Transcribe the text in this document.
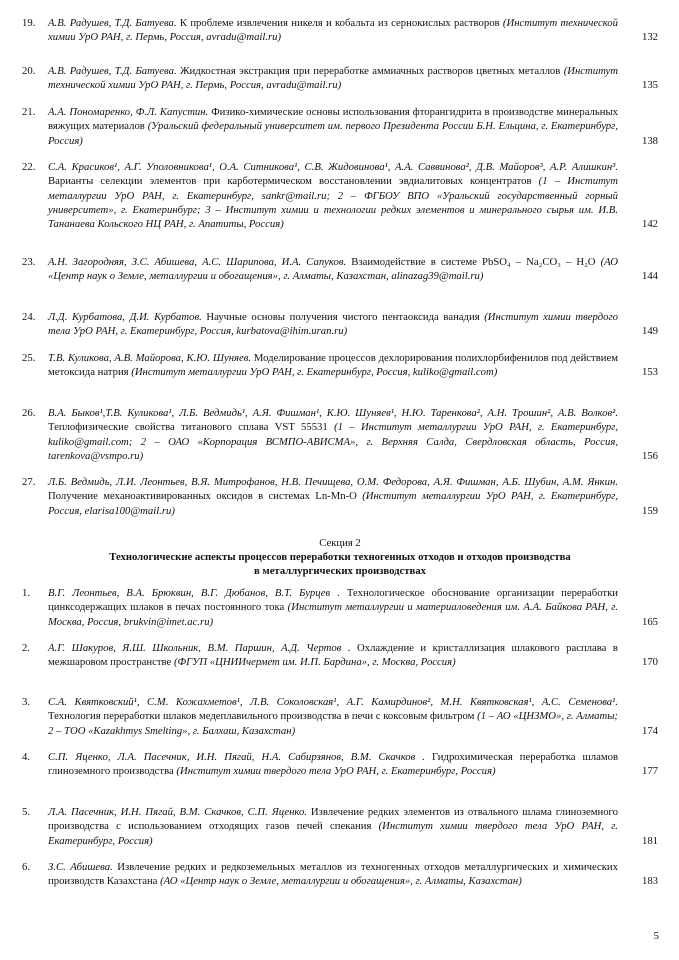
19.	А.В. Радушев, Т.Д. Батуева. К проблеме извлечения никеля и кобальта из сернокислых растворов (Институт технической химии УрО РАН, г. Пермь, Россия, avradu@mail.ru)	132
20.	А.В. Радушев, Т.Д. Батуева. Жидкостная экстракция при переработке аммиачных растворов цветных металлов (Институт технической химии УрО РАН, г. Пермь, Россия, avradu@mail.ru)	135
21.	А.А. Пономаренко, Ф.Л. Капустин. Физико-химические основы использования фторангидрита в производстве минеральных вяжущих материалов (Уральский федеральный университет им. первого Президента России Б.Н. Ельцина, г. Екатеринбург, Россия)	138
22.	С.А. Красиков¹, А.Г. Уполовникова¹, О.А. Ситникова¹, С.В. Жидовинова¹, А.А. Саввинова², Д.В. Майоров³, А.Р. Алишкин³. Варианты селекции элементов при карботермическом восстановлении эвдиалитовых концентратов (1 – Институт металлургии УрО РАН, г. Екатеринбург, sankr@mail.ru; 2 – ФГБОУ ВПО «Уральский государственный горный университет», г. Екатеринбург; 3 – Институт химии и технологии редких элементов и минерального сырья им. И.В. Тананаева Кольского НЦ РАН, г. Апатиты, Россия)	142
23.	А.Н. Загородняя, З.С. Абишева, А.С. Шарипова, И.А. Сапуков. Взаимодействие в системе PbSO₄ – Na₂CO₃ – H₂O (АО «Центр наук о Земле, металлургии и обогащения», г. Алматы, Казахстан, alinazag39@mail.ru)	144
24.	Л.Д. Курбатова, Д.И. Курбатов. Научные основы получения чистого пентаоксида ванадия (Институт химии твердого тела УрО РАН, г. Екатеринбург, Россия, kurbatova@ihim.uran.ru)	149
25.	Т.В. Куликова, А.В. Майорова, К.Ю. Шуняев. Моделирование процессов дехлорирования полихлорбифенилов под действием метоксида натрия (Институт металлургии УрО РАН, г. Екатеринбург, Россия, kuliko@gmail.com)	153
26.	В.А. Быков¹,Т.В. Куликова¹, Л.Б. Ведмидь¹, А.Я. Фишман¹, К.Ю. Шуняев¹, Н.Ю. Таренкова², А.Н. Трошин², А.В. Волков². Теплофизические свойства титанового сплава VST 55531 (1 – Институт металлургии УрО РАН, г. Екатеринбург, kuliko@gmail.com; 2 – ОАО «Корпорация ВСМПО-АВИСМА», г. Верхняя Салда, Свердловская область, Россия, tarenkova@vsmpo.ru)	156
27.	Л.Б. Ведмидь, Л.И. Леонтьев, В.Я. Митрофанов, Н.В. Печищева, О.М. Федорова, А.Я. Фишман, А.Б. Шубин, А.М. Янкин. Получение механоактивированных оксидов в системах Ln-Mn-O (Институт металлургии УрО РАН, г. Екатеринбург, Россия, elarisa100@mail.ru)	159
Секция 2
Технологические аспекты процессов переработки техногенных отходов и отходов производства
в металлургических производствах
1.	В.Г. Леонтьев, В.А. Брюквин, В.Г. Дюбанов, В.Т. Бурцев . Технологическое обоснование организации переработки цинксодержащих шлаков в печах постоянного тока (Институт металлургии и материаловедения им. А.А. Байкова РАН, г. Москва, Россия, brukvin@imet.ac.ru)	165
2.	А.Г. Шакуров, Я.Ш. Школьник, В.М. Паршин, А.Д. Чертов . Охлаждение и кристаллизация шлакового расплава в межшаровом пространстве (ФГУП «ЦНИИчермет им. И.П. Бардина», г. Москва, Россия)	170
3.	С.А. Квятковский¹, С.М. Кожахметов¹, Л.В. Соколовская¹, А.Г. Камирдинов², М.Н. Квятковская¹, А.С. Семенова¹. Технология переработки шлаков медеплавильного производства в печи с коксовым фильтром (1 – АО «ЦНЗМО», г. Алматы; 2 – ТОО «Kazakhmys Smelting», г. Балхаш, Казахстан)	174
4.	С.П. Яценко, Л.А. Пасечник, И.Н. Пягай, Н.А. Сабирзянов, В.М. Скачков . Гидрохимическая переработка шламов глиноземного производства (Институт химии твердого тела УрО РАН, г. Екатеринбург, Россия)	177
5.	Л.А. Пасечник, И.Н. Пягай, В.М. Скачков, С.П. Яценко. Извлечение редких элементов из отвального шлама глиноземного производства с использованием отходящих газов печей спекания (Институт химии твердого тела УрО РАН, г. Екатеринбург, Россия)	181
6.	З.С. Абишева. Извлечение редких и редкоземельных металлов из техногенных отходов металлургических и химических производств Казахстана (АО «Центр наук о Земле, металлургии и обогащения», г. Алматы, Казахстан)	183
5
